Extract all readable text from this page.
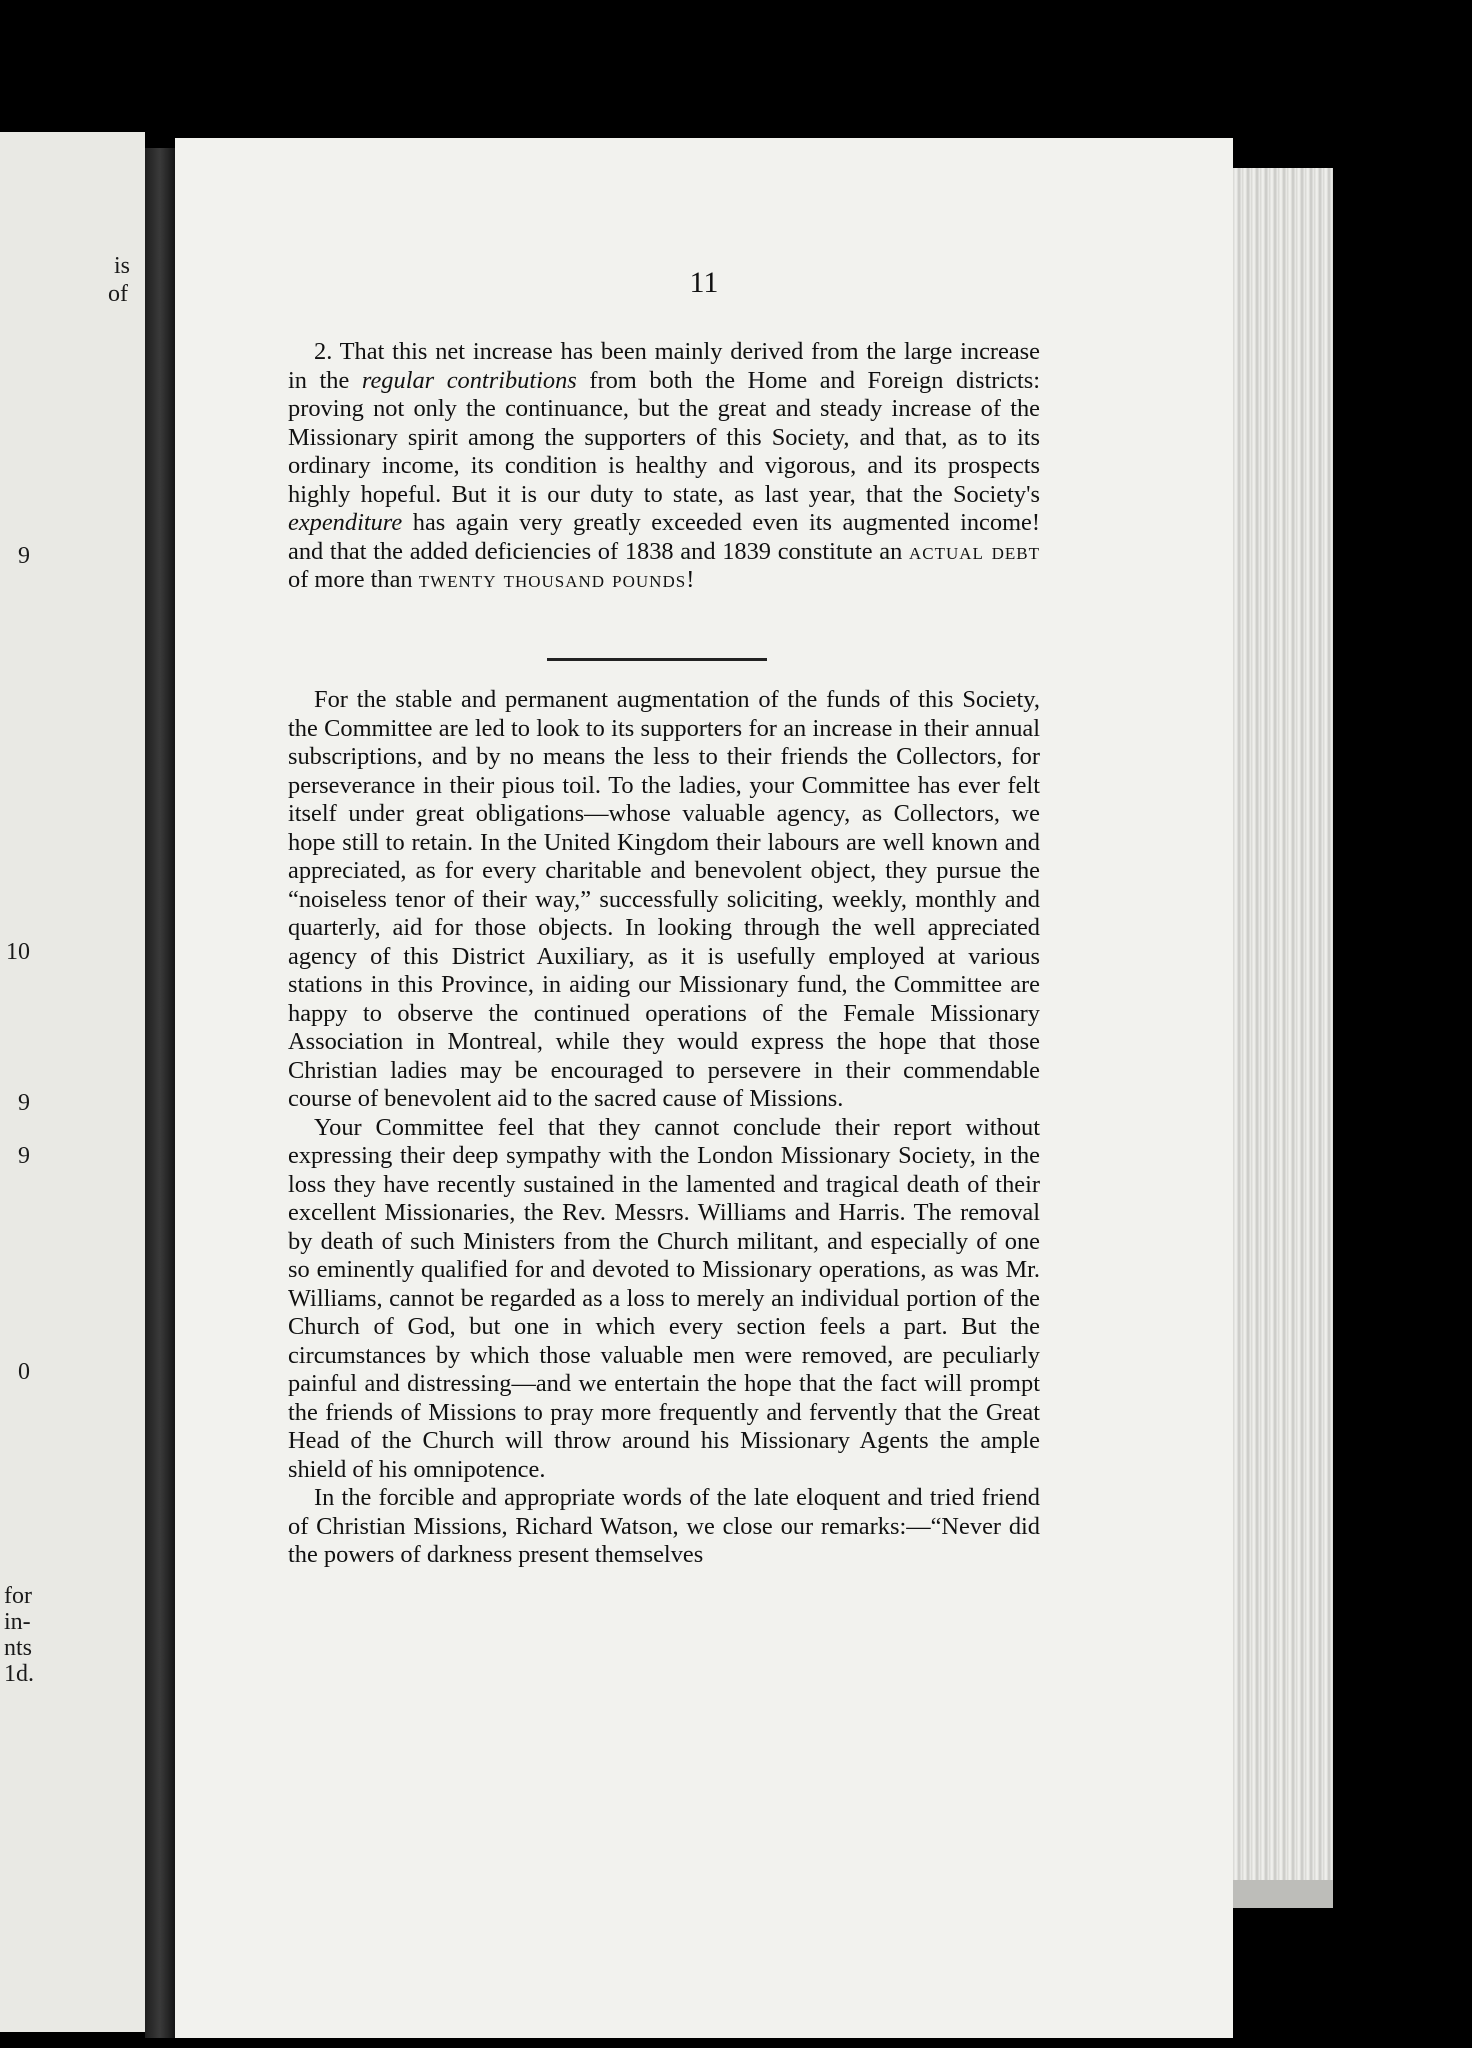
is
of
9
10
9
9
0
for
in-
nts
1d.
11

2. That this net increase has been mainly derived from the large increase in the regular contributions from both the Home and Foreign districts: proving not only the continuance, but the great and steady increase of the Missionary spirit among the supporters of this Society, and that, as to its ordinary income, its condition is healthy and vigorous, and its prospects highly hopeful. But it is our duty to state, as last year, that the Society's expenditure has again very greatly exceeded even its augmented income! and that the added deficiencies of 1838 and 1839 constitute an actual debt of more than twenty thousand pounds!

For the stable and permanent augmentation of the funds of this Society, the Committee are led to look to its supporters for an increase in their annual subscriptions, and by no means the less to their friends the Collectors, for perseverance in their pious toil. To the ladies, your Committee has ever felt itself under great obligations—whose valuable agency, as Collectors, we hope still to retain. In the United Kingdom their labours are well known and appreciated, as for every charitable and benevolent object, they pursue the “noiseless tenor of their way,” successfully soliciting, weekly, monthly and quarterly, aid for those objects. In looking through the well appreciated agency of this District Auxiliary, as it is usefully employed at various stations in this Province, in aiding our Missionary fund, the Committee are happy to observe the continued operations of the Female Missionary Association in Montreal, while they would express the hope that those Christian ladies may be encouraged to persevere in their commendable course of benevolent aid to the sacred cause of Missions.

Your Committee feel that they cannot conclude their report without expressing their deep sympathy with the London Missionary Society, in the loss they have recently sustained in the lamented and tragical death of their excellent Missionaries, the Rev. Messrs. Williams and Harris. The removal by death of such Ministers from the Church militant, and especially of one so eminently qualified for and devoted to Missionary operations, as was Mr. Williams, cannot be regarded as a loss to merely an individual portion of the Church of God, but one in which every section feels a part. But the circumstances by which those valuable men were removed, are peculiarly painful and distressing—and we entertain the hope that the fact will prompt the friends of Missions to pray more frequently and fervently that the Great Head of the Church will throw around his Missionary Agents the ample shield of his omnipotence.

In the forcible and appropriate words of the late eloquent and tried friend of Christian Missions, Richard Watson, we close our remarks:—“Never did the powers of darkness present themselves
